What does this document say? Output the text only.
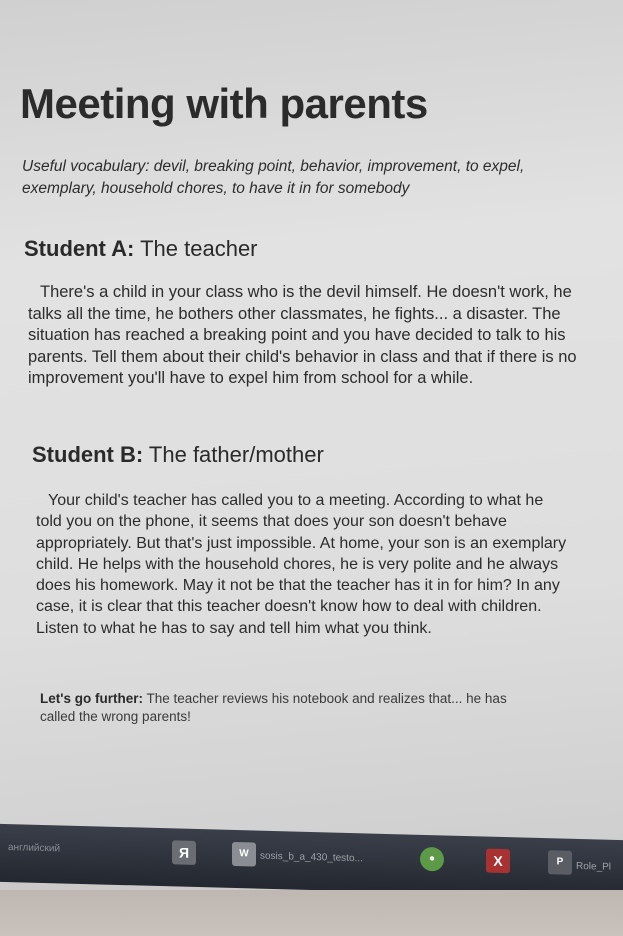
Meeting with parents
Useful vocabulary: devil, breaking point, behavior, improvement, to expel, exemplary, household chores, to have it in for somebody
Student A: The teacher
There's a child in your class who is the devil himself. He doesn't work, he talks all the time, he bothers other classmates, he fights... a disaster. The situation has reached a breaking point and you have decided to talk to his parents. Tell them about their child's behavior in class and that if there is no improvement you'll have to expel him from school for a while.
Student B: The father/mother
Your child's teacher has called you to a meeting. According to what he told you on the phone, it seems that does your son doesn't behave appropriately. But that's just impossible. At home, your son is an exemplary child. He helps with the household chores, he is very polite and he always does his homework. May it not be that the teacher has it in for him? In any case, it is clear that this teacher doesn't know how to deal with children. Listen to what he has to say and tell him what you think.
Let's go further: The teacher reviews his notebook and realizes that... he has called the wrong parents!
английский	Я	W	sosis_b_a_430_testo...	●	X	P	Role_Pl
